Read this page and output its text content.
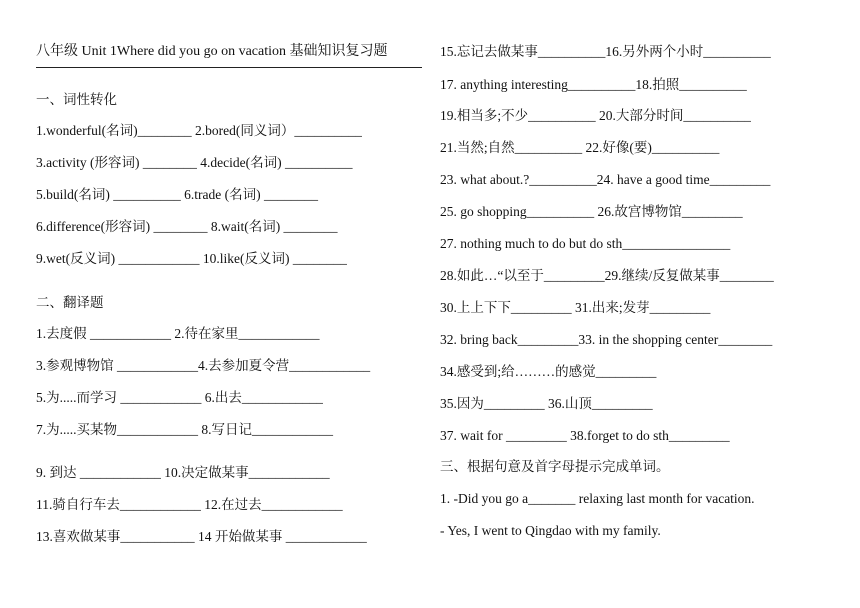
八年级 Unit 1Where did you go on vacation 基础知识复习题
一、词性转化
1.wonderful(名词)________ 2.bored(同义词）__________
3.activity (形容词) ________ 4.decide(名词) __________
5.build(名词) __________ 6.trade (名词) ________
6.difference(形容词) ________ 8.wait(名词) ________
9.wet(反义词) ____________ 10.like(反义词) ________
二、翻译题
1.去度假 ____________ 2.待在家里____________
3.参观博物馆 ____________4.去参加夏令营____________
5.为.....而学习 ____________ 6.出去____________
7.为.....买某物____________ 8.写日记____________
9. 到达 ____________ 10.决定做某事____________
11.骑自行车去____________ 12.在过去____________
13.喜欢做某事___________ 14 开始做某事 ____________
15.忘记去做某事__________16.另外两个小时__________
17. anything interesting__________18.拍照__________
19.相当多;不少__________ 20.大部分时间__________
21.当然;自然__________ 22.好像(要)__________
23. what about.?__________24. have a good time_________
25. go shopping__________ 26.故宫博物馆_________
27. nothing much to do but do sth________________
28.如此…“以至于_________29.继续/反复做某事________
30.上上下下_________ 31.出来;发芽_________
32. bring back_________33. in the shopping center________
34.感受到;给………的感觉_________
35.因为_________ 36.山顶_________
37. wait for _________ 38.forget to do sth_________
三、根据句意及首字母提示完成单词。
1. -Did you go a_______ relaxing last month for vacation.
- Yes, I went to Qingdao with my family.
